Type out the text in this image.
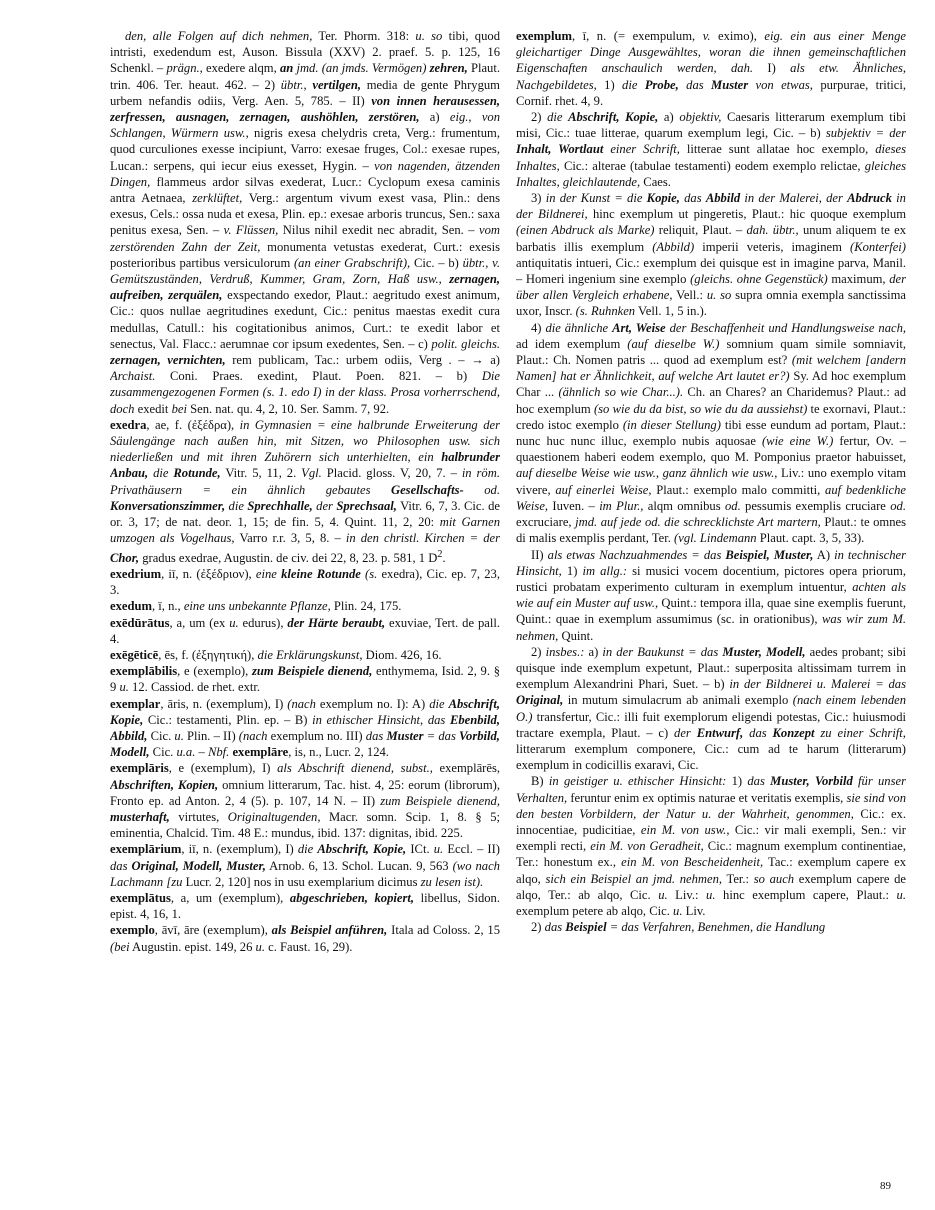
den, alle Folgen auf dich nehmen, Ter. Phorm. 318: u. so tibi, quod intristi, exedendum est, Auson. Bissula (XXV) 2. praef. 5. p. 125, 16 Schenkl. – prägn., exedere alqm, an jmd. (an jmds. Vermögen) zehren, Plaut. trin. 406. Ter. heaut. 462. – 2) übtr., vertilgen, media de gente Phrygum urbem nefandis odiis, Verg. Aen. 5, 785. – II) von innen herausessen, zerfressen, ausnagen, zernagen, aushöhlen, zerstören, a) eig., von Schlangen, Würmern usw., nigris exesa chelydris creta, Verg.: frumentum, quod curculiones exesse incipiunt, Varro: exesae fruges, Col.: exesae rupes, Lucan.: serpens, qui iecur eius exesset, Hygin. – von nagenden, ätzenden Dingen, flammeus ardor silvas exederat, Lucr.: Cyclopum exesa caminis antra Aetnaea, zerklüftet, Verg.: argentum vivum exest vasa, Plin.: dens exesus, Cels.: ossa nuda et exesa, Plin. ep.: exesae arboris truncus, Sen.: saxa penitus exesa, Sen. – v. Flüssen, Nilus nihil exedit nec abradit, Sen. – vom zerstörenden Zahn der Zeit, monumenta vetustas exederat, Curt.: exesis posterioribus partibus versiculorum (an einer Grabschrift), Cic. – b) übtr., v. Gemütszuständen, Verdruß, Kummer, Gram, Zorn, Haß usw., zernagen, aufreiben, zerquälen, exspectando exedor, Plaut.: aegritudo exest animum, Cic.: quos nullae aegritudines exedunt, Cic.: penitus maestas exedit cura medullas, Catull.: his cogitationibus animos, Curt.: te exedit labor et senectus, Val. Flacc.: aerumnae cor ipsum exedentes, Sen. – c) polit. gleichs. zernagen, vernichten, rem publicam, Tac.: urbem odiis, Verg . – → a) Archaist. Coni. Praes. exedint, Plaut. Poen. 821. – b) Die zusammengezogenen Formen (s. 1. edo I) in der klass. Prosa vorherrschend, doch exedit bei Sen. nat. qu. 4, 2, 10. Ser. Samm. 7, 92.

exedra, ae, f. (ἐξέδρα), in Gymnasien = eine halbrunde Erweiterung der Säulengänge nach außen hin, mit Sitzen, wo Philosophen usw. sich niederließen und mit ihren Zuhörern sich unterhielten, ein halbrunder Anbau, die Rotunde, Vitr. 5, 11, 2. Vgl. Placid. gloss. V, 20, 7. – in röm. Privathäusern = ein ähnlich gebautes Gesellschafts- od. Konversationszimmer, die Sprechhalle, der Sprechsaal, Vitr. 6, 7, 3. Cic. de or. 3, 17; de nat. deor. 1, 15; de fin. 5, 4. Quint. 11, 2, 20: mit Garnen umzogen als Vogelhaus, Varro r.r. 3, 5, 8. – in den christl. Kirchen = der Chor, gradus exedrae, Augustin. de civ. dei 22, 8, 23. p. 581, 1 $D^2$.

exedrium, iī, n. (ἐξέδριον), eine kleine Rotunde (s. exedra), Cic. ep. 7, 23, 3.

exedum, ī, n., eine uns unbekannte Pflanze, Plin. 24, 175.

exēdūrātus, a, um (ex u. edurus), der Härte beraubt, exuviae, Tert. de pall. 4.

exēgēticē, ēs, f. (ἐξηγητική), die Erklärungskunst, Diom. 426, 16.

exemplābilis, e (exemplo), zum Beispiele dienend, enthymema, Isid. 2, 9. § 9 u. 12. Cassiod. de rhet. extr.

exemplar, āris, n. (exemplum), I) (nach exemplum no. I): A) die Abschrift, Kopie, Cic.: testamenti, Plin. ep. – B) in ethischer Hinsicht, das Ebenbild, Abbild, Cic. u. Plin. – II) (nach exemplum no. III) das Muster = das Vorbild, Modell, Cic. u.a. – Nbf. exemplāre, is, n., Lucr. 2, 124.

exemplāris, e (exemplum), I) als Abschrift dienend, subst., exemplārēs, Abschriften, Kopien, omnium litterarum, Tac. hist. 4, 25: eorum (librorum), Fronto ep. ad Anton. 2, 4 (5). p. 107, 14 N. – II) zum Beispiele dienend, musterhaft, virtutes, Originaltugenden, Macr. somn. Scip. 1, 8. § 5; eminentia, Chalcid. Tim. 48 E.: mundus, ibid. 137: dignitas, ibid. 225.

exemplārium, iī, n. (exemplum), I) die Abschrift, Kopie, ICt. u. Eccl. – II) das Original, Modell, Muster, Arnob. 6, 13. Schol. Lucan. 9, 563 (wo nach Lachmann [zu Lucr. 2, 120] nos in usu exemplarium dicimus zu lesen ist).

exemplātus, a, um (exemplum), abgeschrieben, kopiert, libellus, Sidon. epist. 4, 16, 1.

exemplo, āvī, āre (exemplum), als Beispiel anführen, Itala ad Coloss. 2, 15 (bei Augustin. epist. 149, 26 u. c. Faust. 16, 29).

exemplum, ī, n. (= exempulum, v. eximo), eig. ein aus einer Menge gleichartiger Dinge Ausgewähltes, woran die ihnen gemeinschaftlichen Eigenschaften anschaulich werden, dah. I) als etw. Ähnliches, Nachgebildetes, 1) die Probe, das Muster von etwas, purpurae, tritici, Cornif. rhet. 4, 9.

2) die Abschrift, Kopie, a) objektiv, Caesaris litterarum exemplum tibi misi, Cic.: tuae litterae, quarum exemplum legi, Cic. – b) subjektiv = der Inhalt, Wortlaut einer Schrift, litterae sunt allatae hoc exemplo, dieses Inhaltes, Cic.: alterae (tabulae testamenti) eodem exemplo relictae, gleiches Inhaltes, gleichlautende, Caes.

3) in der Kunst = die Kopie, das Abbild in der Malerei, der Abdruck in der Bildnerei, hinc exemplum ut pingeretis, Plaut.: hic quoque exemplum (einen Abdruck als Marke) reliquit, Plaut. – dah. übtr., unum aliquem te ex barbatis illis exemplum (Abbild) imperii veteris, imaginem (Konterfei) antiquitatis intueri, Cic.: exemplum dei quisque est in imagine parva, Manil. – Homeri ingenium sine exemplo (gleichs. ohne Gegenstück) maximum, der über allen Vergleich erhabene, Vell.: u. so supra omnia exempla sanctissima uxor, Inscr. (s. Ruhnken Vell. 1, 5 in.).

4) die ähnliche Art, Weise der Beschaffenheit und Handlungsweise nach, ad idem exemplum (auf dieselbe W.) somnium quam simile somniavit, Plaut.: Ch. Nomen patris ... quod ad exemplum est? (mit welchem [andern Namen] hat er Ähnlichkeit, auf welche Art lautet er?) Sy. Ad hoc exemplum Char ... (ähnlich so wie Char...). Ch. an Chares? an Charidemus? Plaut.: ad hoc exemplum (so wie du da bist, so wie du da aussiehst) te exornavi, Plaut.: credo istoc exemplo (in dieser Stellung) tibi esse eundum ad portam, Plaut.: nunc huc nunc illuc, exemplo nubis aquosae (wie eine W.) fertur, Ov. – quaestionem haberi eodem exemplo, quo M. Pomponius praetor habuisset, auf dieselbe Weise wie usw., ganz ähnlich wie usw., Liv.: uno exemplo vitam vivere, auf einerlei Weise, Plaut.: exemplo malo committi, auf bedenkliche Weise, Iuven. – im Plur., alqm omnibus od. pessumis exemplis cruciare od. excruciare, jmd. auf jede od. die schrecklichste Art martern, Plaut.: te omnes di malis exemplis perdant, Ter. (vgl. Lindemann Plaut. capt. 3, 5, 33).

II) als etwas Nachzuahmendes = das Beispiel, Muster, A) in technischer Hinsicht, 1) im allg.: si musici vocem docentium, pictores opera priorum, rustici probatam experimento culturam in exemplum intuentur, achten als wie auf ein Muster auf usw., Quint.: tempora illa, quae sine exemplis fuerunt, Quint.: quae in exemplum assumimus (sc. in orationibus), was wir zum M. nehmen, Quint.

2) insbes.: a) in der Baukunst = das Muster, Modell, aedes probant; sibi quisque inde exemplum expetunt, Plaut.: superposita altissimam turrem in exemplum Alexandrini Phari, Suet. – b) in der Bildnerei u. Malerei = das Original, in mutum simulacrum ab animali exemplo (nach einem lebenden O.) transfertur, Cic.: illi fuit exemplorum eligendi potestas, Cic.: huiusmodi tractare exempla, Plaut. – c) der Entwurf, das Konzept zu einer Schrift, litterarum exemplum componere, Cic.: cum ad te harum (litterarum) exemplum in codicillis exaravi, Cic.

B) in geistiger u. ethischer Hinsicht: 1) das Muster, Vorbild für unser Verhalten, feruntur enim ex optimis naturae et veritatis exemplis, sie sind von den besten Vorbildern, der Natur u. der Wahrheit, genommen, Cic.: ex. innocentiae, pudicitiae, ein M. von usw., Cic.: vir mali exempli, Sen.: vir exempli recti, ein M. von Geradheit, Cic.: magnum exemplum continentiae, Ter.: honestum ex., ein M. von Bescheidenheit, Tac.: exemplum capere ex alqo, sich ein Beispiel an jmd. nehmen, Ter.: so auch exemplum capere de alqo, Ter.: ab alqo, Cic. u. Liv.: u. hinc exemplum capere, Plaut.: u. exemplum petere ab alqo, Cic. u. Liv.

2) das Beispiel = das Verfahren, Benehmen, die Handlung

89
